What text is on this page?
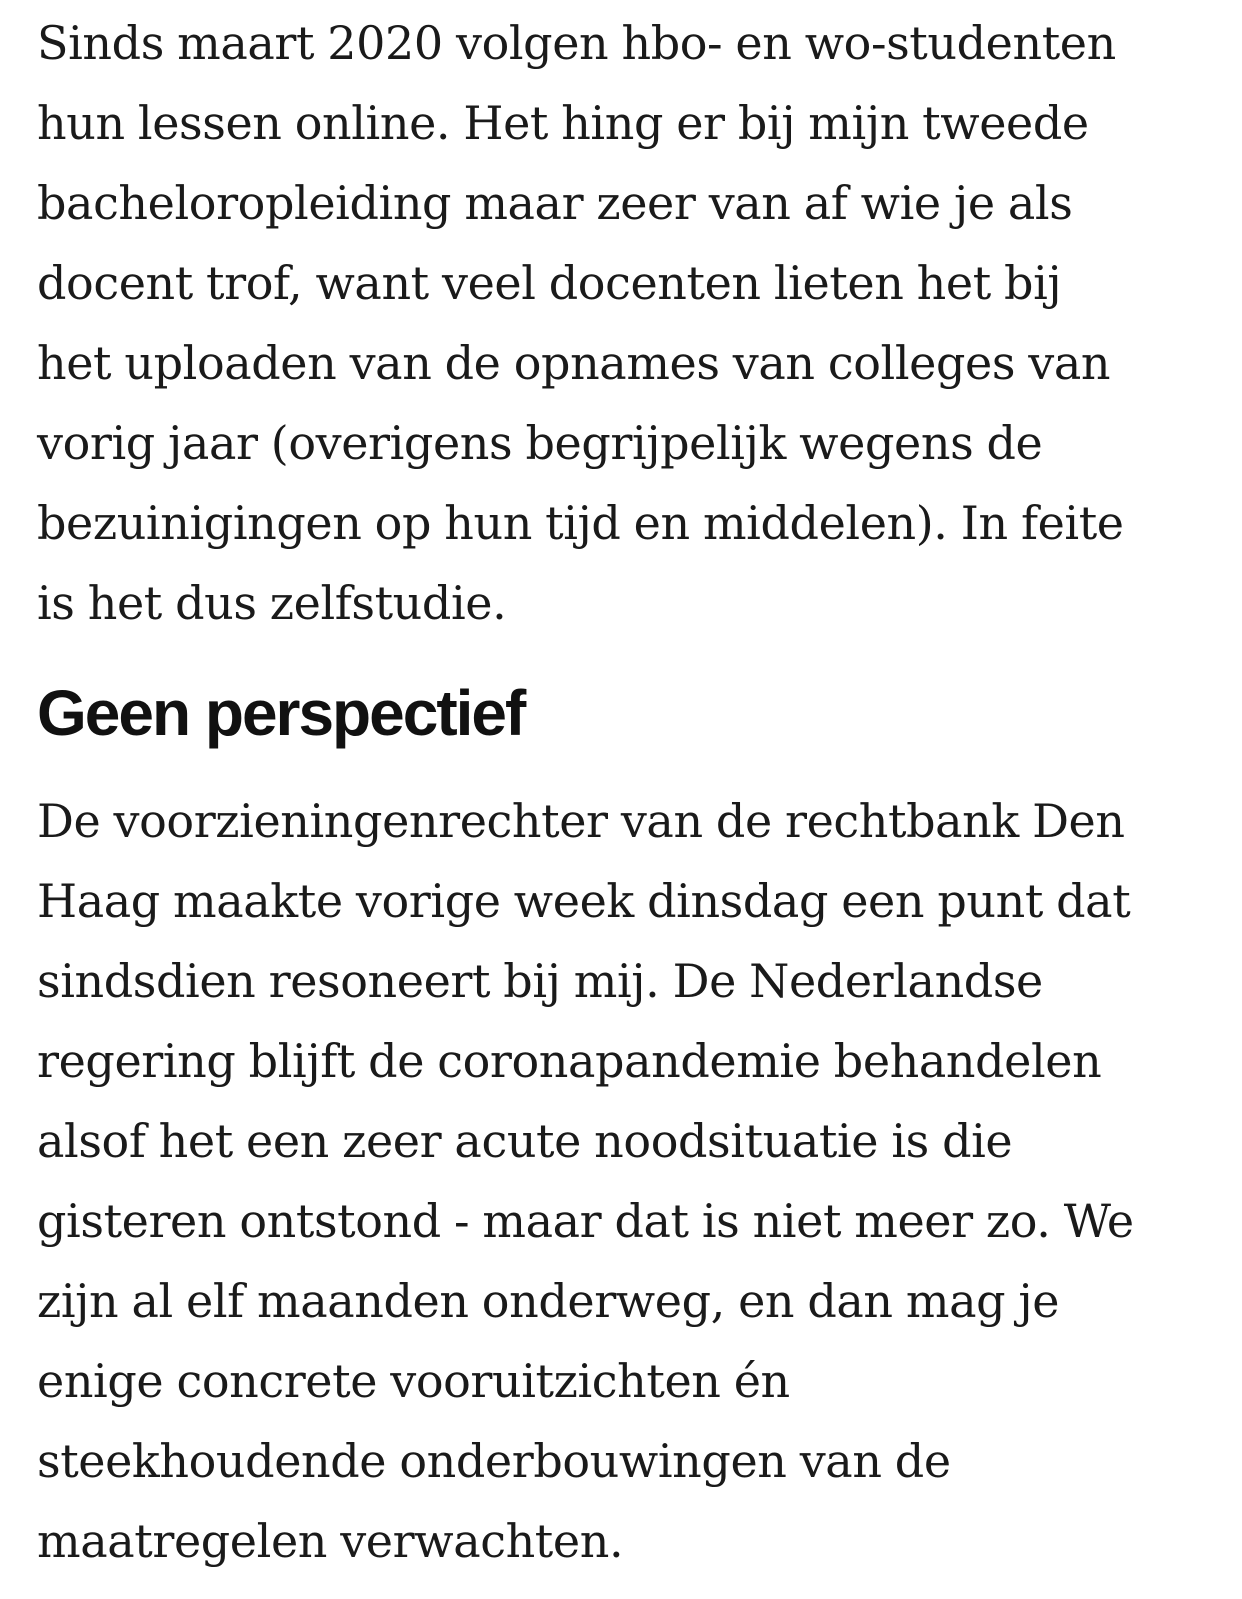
Sinds maart 2020 volgen hbo- en wo-studenten
hun lessen online. Het hing er bij mijn tweede
bacheloropleiding maar zeer van af wie je als
docent trof, want veel docenten lieten het bij
het uploaden van de opnames van colleges van
vorig jaar (overigens begrijpelijk wegens de
bezuinigingen op hun tijd en middelen). In feite
is het dus zelfstudie.

Geen perspectief

De voorzieningenrechter van de rechtbank Den
Haag maakte vorige week dinsdag een punt dat
sindsdien resoneert bij mij. De Nederlandse
regering blijft de coronapandemie behandelen
alsof het een zeer acute noodsituatie is die
gisteren ontstond - maar dat is niet meer zo. We
zijn al elf maanden onderweg, en dan mag je
enige concrete vooruitzichten én
steekhoudende onderbouwingen van de
maatregelen verwachten.
